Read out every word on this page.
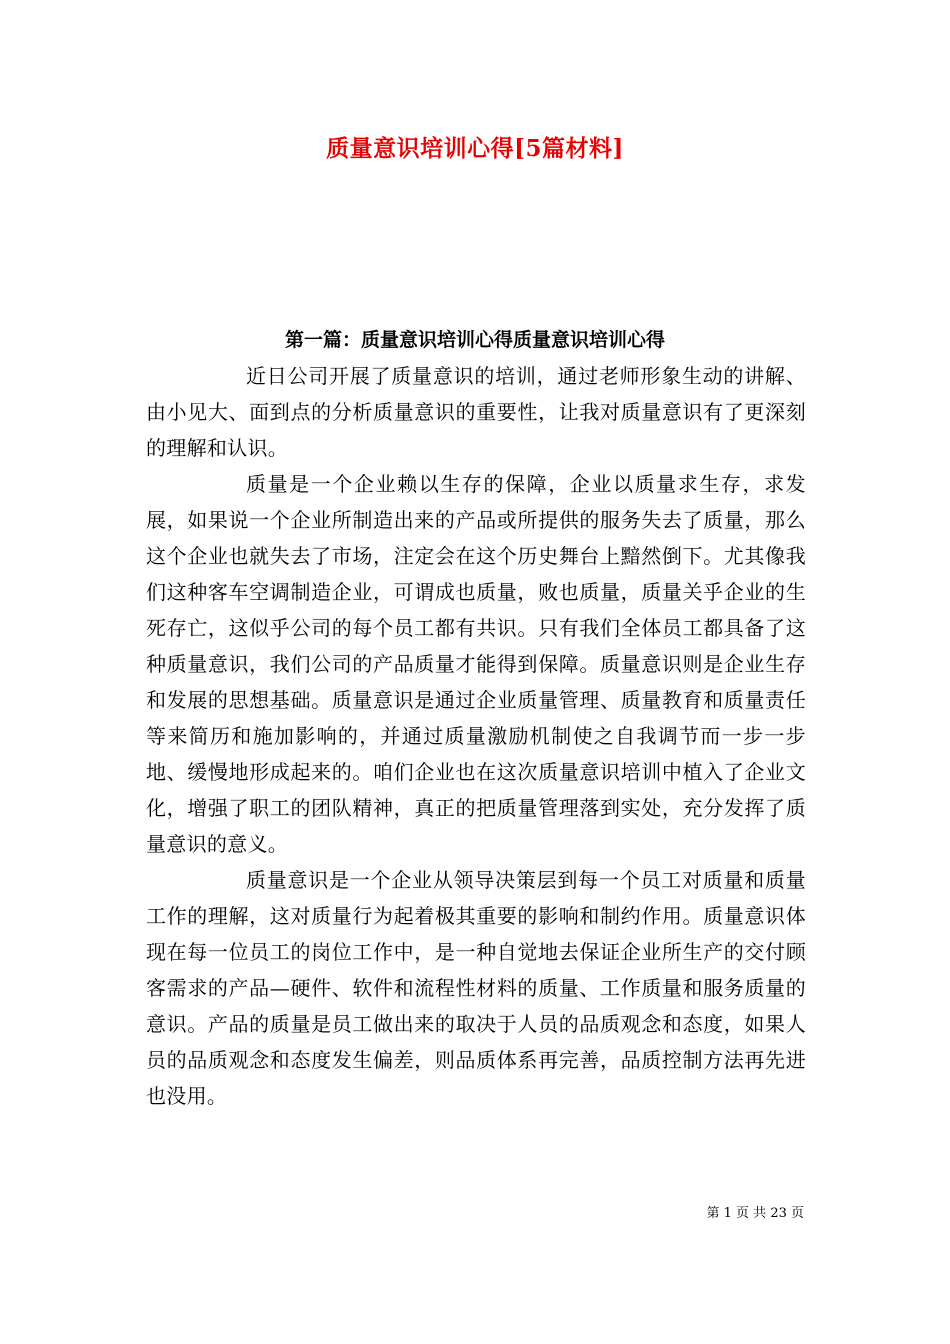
质量意识培训心得[5篇材料]
第一篇：质量意识培训心得质量意识培训心得

近日公司开展了质量意识的培训，通过老师形象生动的讲解、由小见大、面到点的分析质量意识的重要性，让我对质量意识有了更深刻的理解和认识。

质量是一个企业赖以生存的保障，企业以质量求生存，求发展，如果说一个企业所制造出来的产品或所提供的服务失去了质量，那么这个企业也就失去了市场，注定会在这个历史舞台上黯然倒下。尤其像我们这种客车空调制造企业，可谓成也质量，败也质量，质量关乎企业的生死存亡，这似乎公司的每个员工都有共识。只有我们全体员工都具备了这种质量意识，我们公司的产品质量才能得到保障。质量意识则是企业生存和发展的思想基础。质量意识是通过企业质量管理、质量教育和质量责任等来简历和施加影响的，并通过质量激励机制使之自我调节而一步一步地、缓慢地形成起来的。咱们企业也在这次质量意识培训中植入了企业文化，增强了职工的团队精神，真正的把质量管理落到实处，充分发挥了质量意识的意义。

质量意识是一个企业从领导决策层到每一个员工对质量和质量工作的理解，这对质量行为起着极其重要的影响和制约作用。质量意识体现在每一位员工的岗位工作中，是一种自觉地去保证企业所生产的交付顾客需求的产品—硬件、软件和流程性材料的质量、工作质量和服务质量的意识。产品的质量是员工做出来的取决于人员的品质观念和态度，如果人员的品质观念和态度发生偏差，则品质体系再完善，品质控制方法再先进也没用。

第 1 页 共 23 页
